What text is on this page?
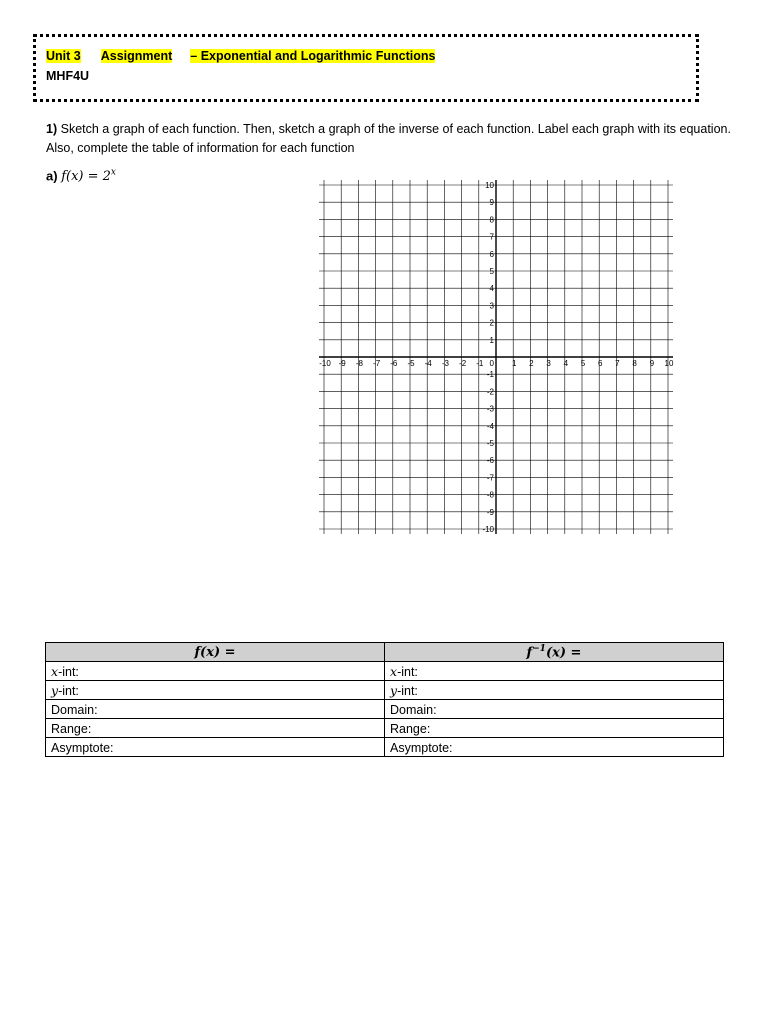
Unit 3 Assignment – Exponential and Logarithmic Functions
MHF4U
1) Sketch a graph of each function. Then, sketch a graph of the inverse of each function. Label each graph with its equation. Also, complete the table of information for each function
a) $f(x) = 2^x$
-10 -9 -8 -7 -6 -5 -4 -3 -2 -1	1 2 3 4 5 6 7 8 9 10
-10
-9
-8
-7
-6
-5
-4
-3
-2
-1
1
2
3
4
5
6
7
8
9
10
0
f(x) =	$f^{-1}(x)$ =
x-int:	x-int:
y-int:	y-int:
Domain:	Domain:
Range:	Range:
Asymptote:	Asymptote:
